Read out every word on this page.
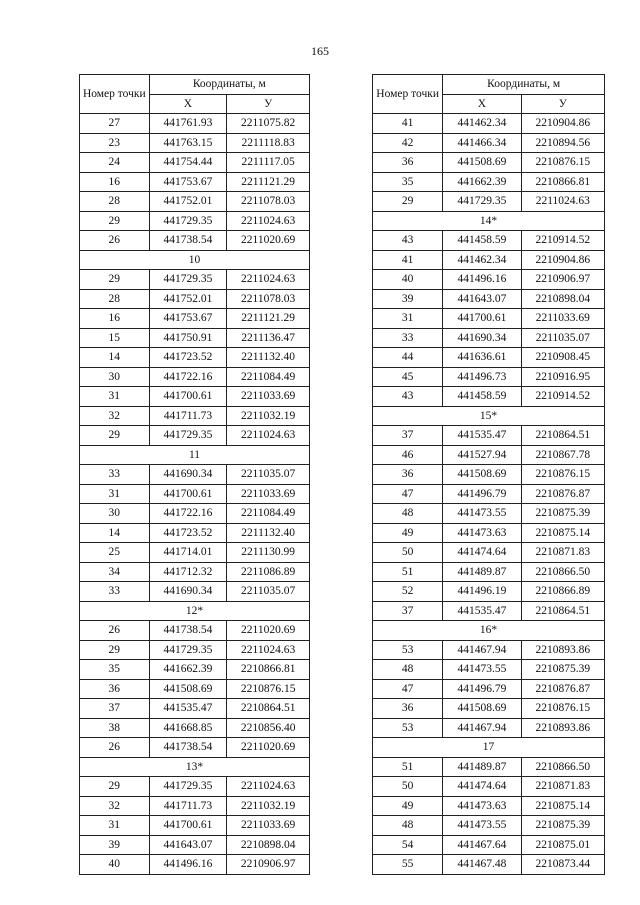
165
Номер точки	Координаты, м	
	Х	У
27	441761.93	2211075.82
23	441763.15	2211118.83
24	441754.44	2211117.05
16	441753.67	2211121.29
28	441752.01	2211078.03
29	441729.35	2211024.63
26	441738.54	2211020.69
10		
29	441729.35	2211024.63
28	441752.01	2211078.03
16	441753.67	2211121.29
15	441750.91	2211136.47
14	441723.52	2211132.40
30	441722.16	2211084.49
31	441700.61	2211033.69
32	441711.73	2211032.19
29	441729.35	2211024.63
11		
33	441690.34	2211035.07
31	441700.61	2211033.69
30	441722.16	2211084.49
14	441723.52	2211132.40
25	441714.01	2211130.99
34	441712.32	2211086.89
33	441690.34	2211035.07
12*		
26	441738.54	2211020.69
29	441729.35	2211024.63
35	441662.39	2210866.81
36	441508.69	2210876.15
37	441535.47	2210864.51
38	441668.85	2210856.40
26	441738.54	2211020.69
13*		
29	441729.35	2211024.63
32	441711.73	2211032.19
31	441700.61	2211033.69
39	441643.07	2210898.04
40	441496.16	2210906.97
Номер точки	Координаты, м	
	Х	У
41	441462.34	2210904.86
42	441466.34	2210894.56
36	441508.69	2210876.15
35	441662.39	2210866.81
29	441729.35	2211024.63
14*		
43	441458.59	2210914.52
41	441462.34	2210904.86
40	441496.16	2210906.97
39	441643.07	2210898.04
31	441700.61	2211033.69
33	441690.34	2211035.07
44	441636.61	2210908.45
45	441496.73	2210916.95
43	441458.59	2210914.52
15*		
37	441535.47	2210864.51
46	441527.94	2210867.78
36	441508.69	2210876.15
47	441496.79	2210876.87
48	441473.55	2210875.39
49	441473.63	2210875.14
50	441474.64	2210871.83
51	441489.87	2210866.50
52	441496.19	2210866.89
37	441535.47	2210864.51
16*		
53	441467.94	2210893.86
48	441473.55	2210875.39
47	441496.79	2210876.87
36	441508.69	2210876.15
53	441467.94	2210893.86
17		
51	441489.87	2210866.50
50	441474.64	2210871.83
49	441473.63	2210875.14
48	441473.55	2210875.39
54	441467.64	2210875.01
55	441467.48	2210873.44
